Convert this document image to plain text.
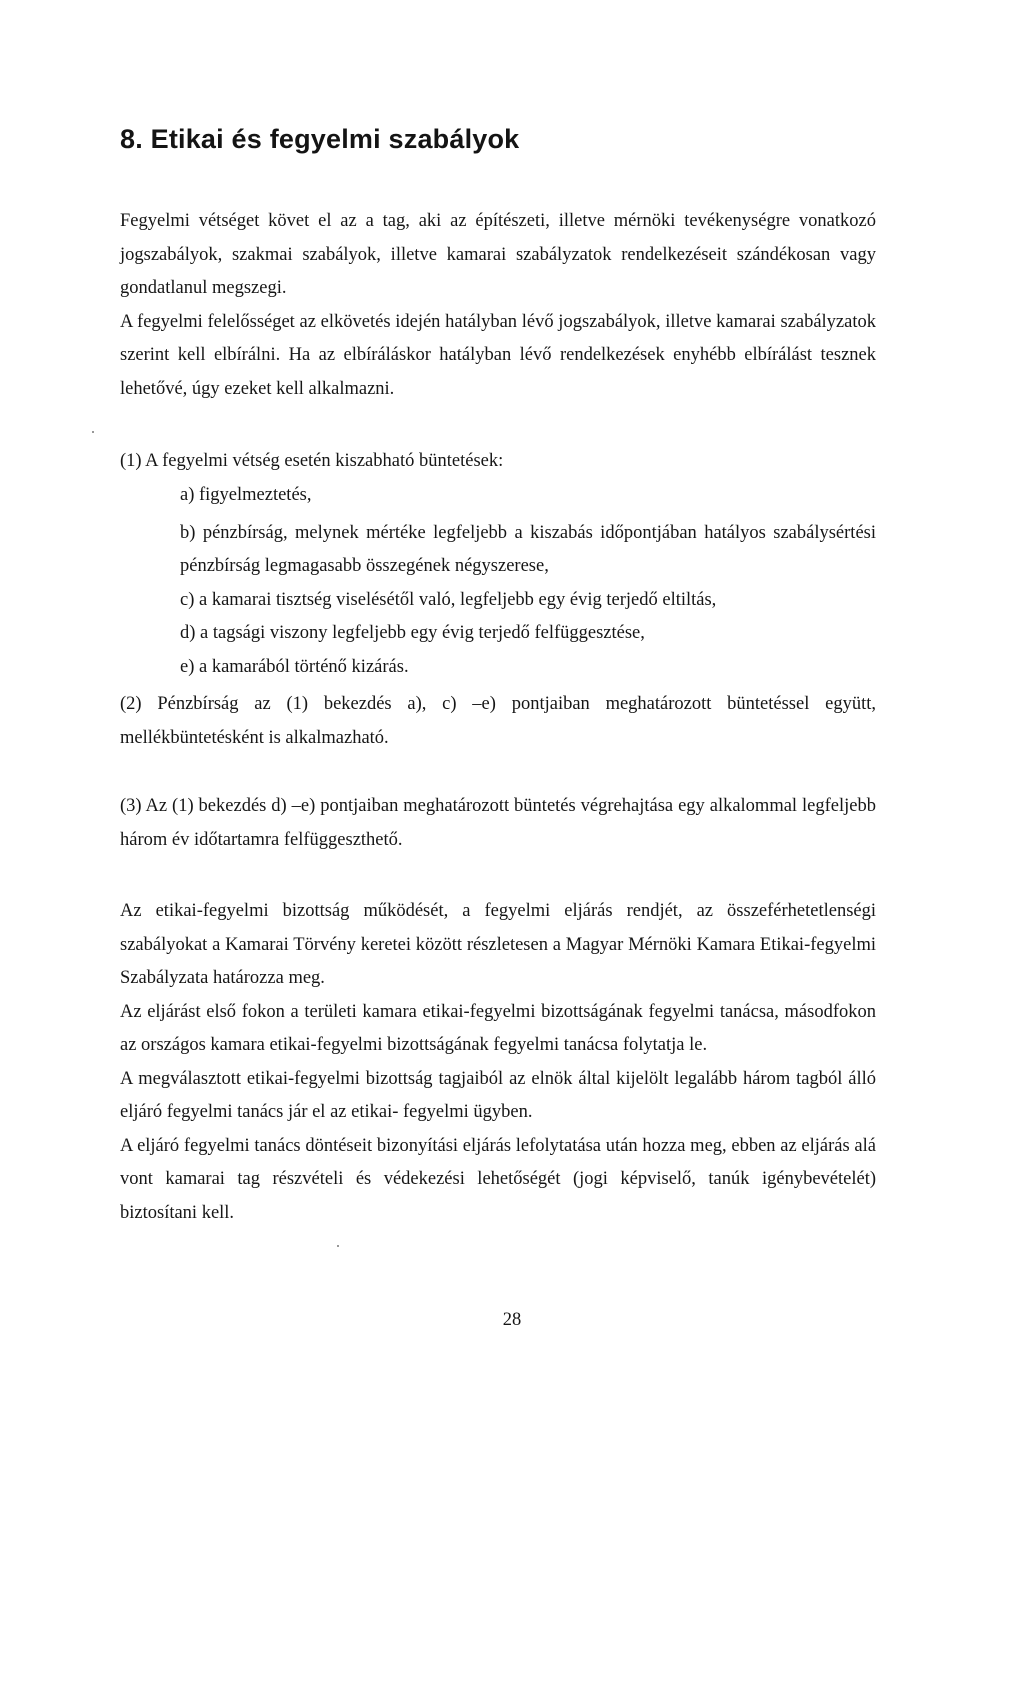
8. Etikai és fegyelmi szabályok

Fegyelmi vétséget követ el az a tag, aki az építészeti, illetve mérnöki tevékenységre vonatkozó jogszabályok, szakmai szabályok, illetve kamarai szabályzatok rendelkezéseit szándékosan vagy gondatlanul megszegi.

A fegyelmi felelősséget az elkövetés idején hatályban lévő jogszabályok, illetve kamarai szabályzatok szerint kell elbírálni. Ha az elbíráláskor hatályban lévő rendelkezések enyhébb elbírálást tesznek lehetővé, úgy ezeket kell alkalmazni.

(1) A fegyelmi vétség esetén kiszabható büntetések:

a) figyelmeztetés,

b) pénzbírság, melynek mértéke legfeljebb a kiszabás időpontjában hatályos szabálysértési pénzbírság legmagasabb összegének négyszerese,

c) a kamarai tisztség viselésétől való, legfeljebb egy évig terjedő eltiltás,

d) a tagsági viszony legfeljebb egy évig terjedő felfüggesztése,

e) a kamarából történő kizárás.

(2) Pénzbírság az (1) bekezdés a), c) –e) pontjaiban meghatározott büntetéssel együtt, mellékbüntetésként is alkalmazható.

(3) Az (1) bekezdés d) –e) pontjaiban meghatározott büntetés végrehajtása egy alkalommal legfeljebb három év időtartamra felfüggeszthető.

Az etikai-fegyelmi bizottság működését, a fegyelmi eljárás rendjét, az összeférhetetlenségi szabályokat a Kamarai Törvény keretei között részletesen a Magyar Mérnöki Kamara Etikai-fegyelmi Szabályzata határozza meg.

Az eljárást első fokon a területi kamara etikai-fegyelmi bizottságának fegyelmi tanácsa, másodfokon az országos kamara etikai-fegyelmi bizottságának fegyelmi tanácsa folytatja le.

A megválasztott etikai-fegyelmi bizottság tagjaiból az elnök által kijelölt legalább három tagból álló eljáró fegyelmi tanács jár el az etikai- fegyelmi ügyben.

A eljáró fegyelmi tanács döntéseit bizonyítási eljárás lefolytatása után hozza meg, ebben az eljárás alá vont kamarai tag részvételi és védekezési lehetőségét (jogi képviselő, tanúk igénybevételét) biztosítani kell.

28
